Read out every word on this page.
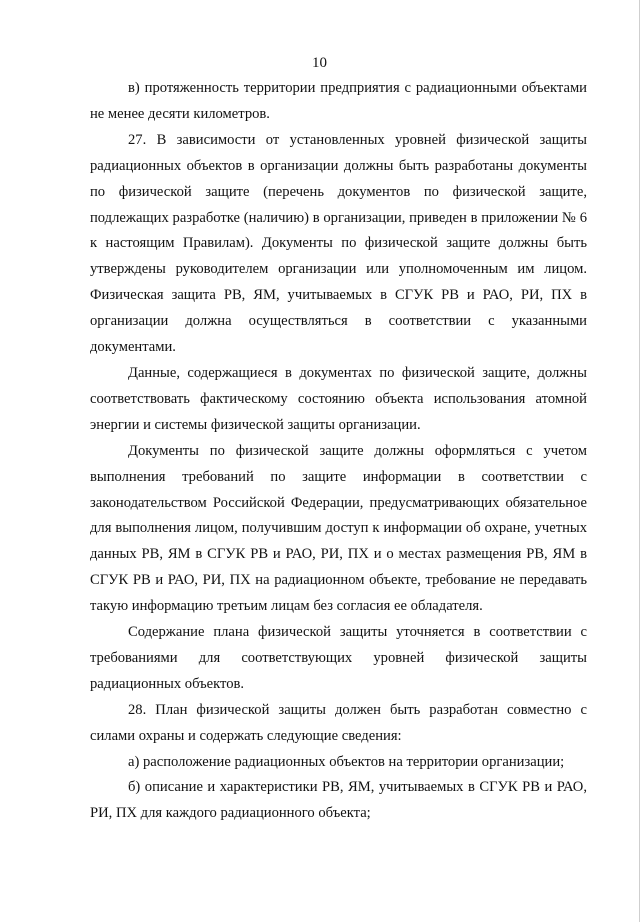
10

в) протяженность территории предприятия с радиационными объектами не менее десяти километров.

27. В зависимости от установленных уровней физической защиты радиационных объектов в организации должны быть разработаны документы по физической защите (перечень документов по физической защите, подлежащих разработке (наличию) в организации, приведен в приложении № 6 к настоящим Правилам). Документы по физической защите должны быть утверждены руководителем организации или уполномоченным им лицом. Физическая защита РВ, ЯМ, учитываемых в СГУК РВ и РАО, РИ, ПХ в организации должна осуществляться в соответствии с указанными документами.

Данные, содержащиеся в документах по физической защите, должны соответствовать фактическому состоянию объекта использования атомной энергии и системы физической защиты организации.

Документы по физической защите должны оформляться с учетом выполнения требований по защите информации в соответствии с законодательством Российской Федерации, предусматривающих обязательное для выполнения лицом, получившим доступ к информации об охране, учетных данных РВ, ЯМ в СГУК РВ и РАО, РИ, ПХ и о местах размещения РВ, ЯМ в СГУК РВ и РАО, РИ, ПХ на радиационном объекте, требование не передавать такую информацию третьим лицам без согласия ее обладателя.

Содержание плана физической защиты уточняется в соответствии с требованиями для соответствующих уровней физической защиты радиационных объектов.

28. План физической защиты должен быть разработан совместно с силами охраны и содержать следующие сведения:

а) расположение радиационных объектов на территории организации;

б) описание и характеристики РВ, ЯМ, учитываемых в СГУК РВ и РАО, РИ, ПХ для каждого радиационного объекта;
